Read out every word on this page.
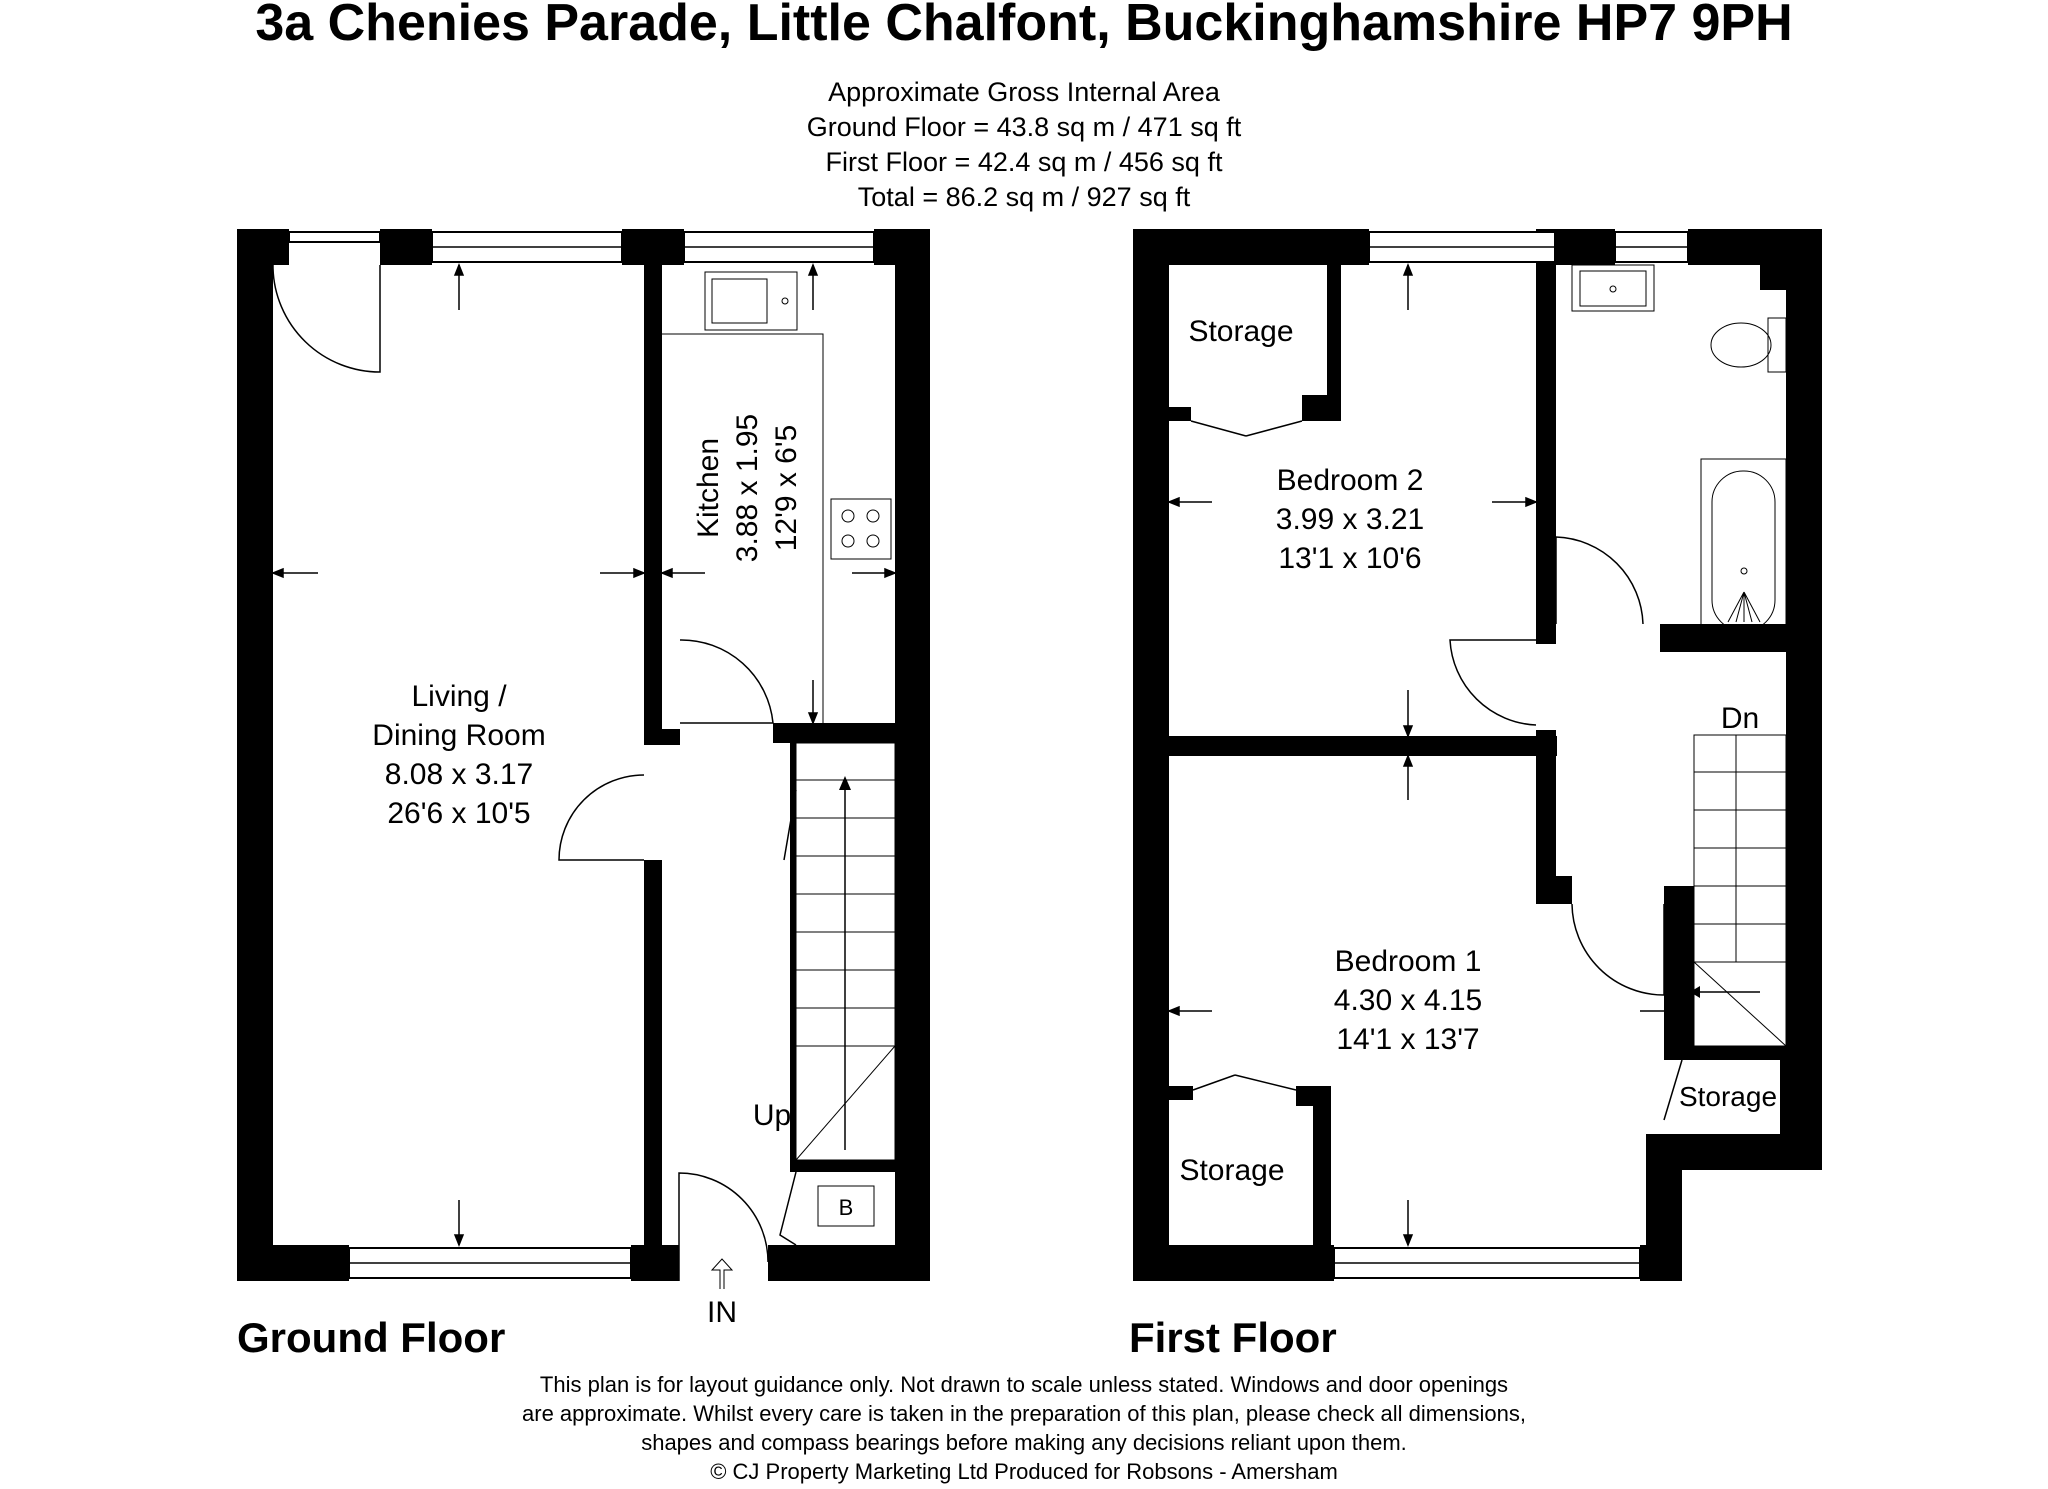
3a Chenies Parade, Little Chalfont, Buckinghamshire HP7 9PH
Approximate Gross Internal Area
Ground Floor = 43.8 sq m / 471 sq ft
First Floor = 42.4 sq m / 456 sq ft
Total = 86.2 sq m / 927 sq ft
B
Living /
Dining Room
8.08 x 3.17
26'6 x 10'5
Kitchen 3.88 x 1.95 12'9 x 6'5
Up
IN
Ground Floor
Storage
Bedroom 2
3.99 x 3.21
13'1 x 10'6
Bedroom 1
4.30 x 4.15
14'1 x 13'7
Storage
Storage
Dn
First Floor
This plan is for layout guidance only. Not drawn to scale unless stated. Windows and door openings
are approximate. Whilst every care is taken in the preparation of this plan, please check all dimensions,
shapes and compass bearings before making any decisions reliant upon them.
© CJ Property Marketing Ltd Produced for Robsons - Amersham
